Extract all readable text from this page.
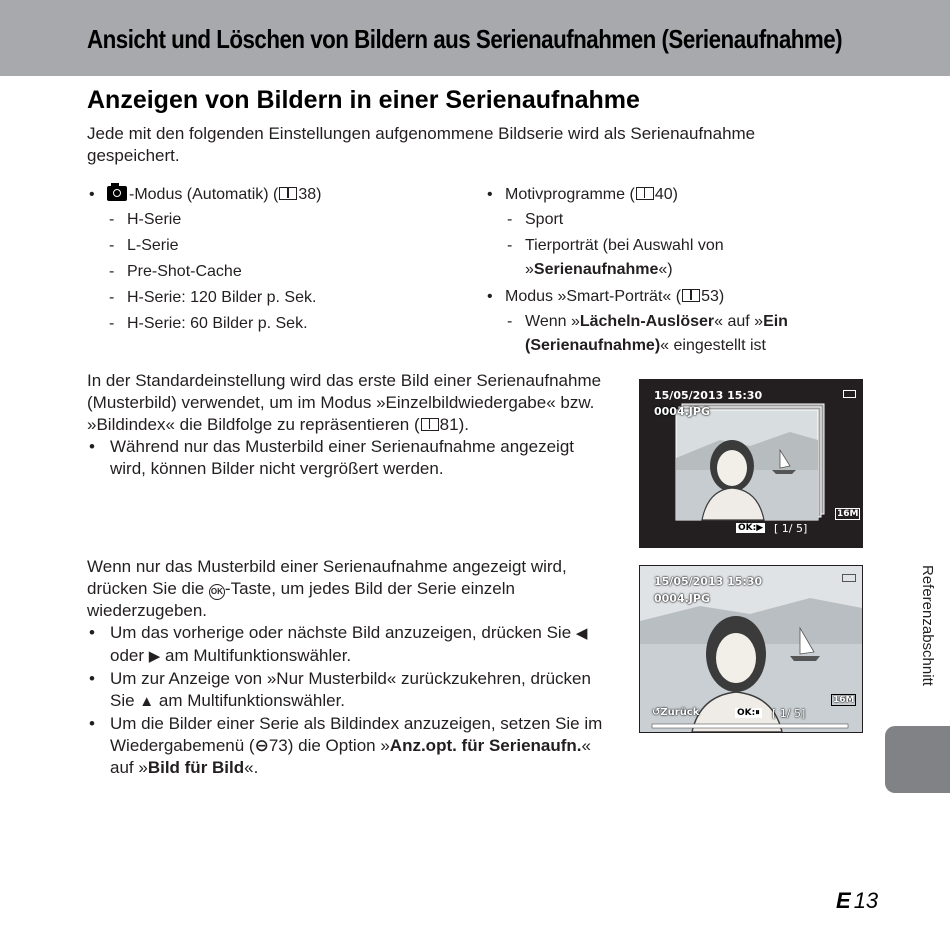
Ansicht und Löschen von Bildern aus Serienaufnahmen (Serienaufnahme)
Anzeigen von Bildern in einer Serienaufnahme

Jede mit den folgenden Einstellungen aufgenommene Bildserie wird als Serienaufnahme gespeichert.

• -Modus (Automatik) ( 38)
- H-Serie
- L-Serie
- Pre-Shot-Cache
- H-Serie: 120 Bilder p. Sek.
- H-Serie: 60 Bilder p. Sek.
• Motivprogramme ( 40)
- Sport
- Tierporträt (bei Auswahl von »Serienaufnahme«)
• Modus »Smart-Porträt« ( 53)
- Wenn »Lächeln-Auslöser« auf »Ein (Serienaufnahme)« eingestellt ist
In der Standardeinstellung wird das erste Bild einer Serienaufnahme (Musterbild) verwendet, um im Modus »Einzelbildwiedergabe« bzw. »Bildindex« die Bildfolge zu repräsentieren ( 81).
• Während nur das Musterbild einer Serienaufnahme angezeigt wird, können Bilder nicht vergrößert werden.
Wenn nur das Musterbild einer Serienaufnahme angezeigt wird, drücken Sie die OK -Taste, um jedes Bild der Serie einzeln wiederzugeben.
• Um das vorherige oder nächste Bild anzuzeigen, drücken Sie ◀ oder ▶ am Multifunktionswähler.
• Um zur Anzeige von »Nur Musterbild« zurückzukehren, drücken Sie ▲ am Multifunktionswähler.
• Um die Bilder einer Serie als Bildindex anzuzeigen, setzen Sie im Wiedergabemenü (⊖73) die Option »Anz.opt. für Serienaufn.« auf »Bild für Bild«.
15/05/2013 15:30
0004.JPG
16M
OK:▶ [ 1/ 5]
15/05/2013 15:30
0004.JPG
16M
↺Zurück	OK:⏸ [ 1/ 5]
Referenzabschnitt
E 13
